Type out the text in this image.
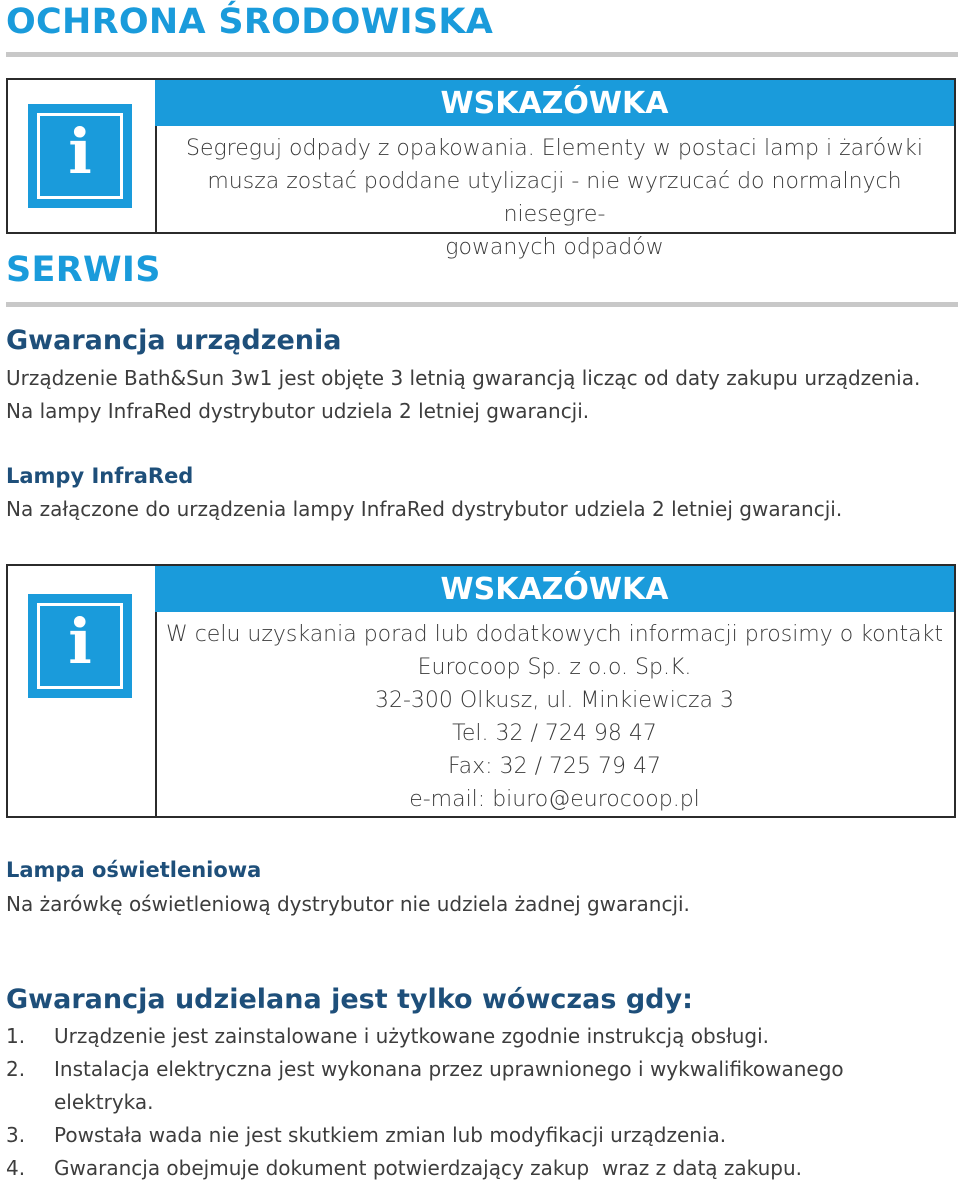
OCHRONA ŚRODOWISKA
i
WSKAZÓWKA
Segreguj odpady z opakowania. Elementy w postaci lamp i żarówki
musza zostać poddane utylizacji - nie wyrzucać do normalnych niesegre-
gowanych odpadów
SERWIS
Gwarancja urządzenia
Urządzenie Bath&Sun 3w1 jest objęte 3 letnią gwarancją licząc od daty zakupu urządzenia.
Na lampy InfraRed dystrybutor udziela 2 letniej gwarancji.
Lampy InfraRed
Na załączone do urządzenia lampy InfraRed dystrybutor udziela 2 letniej gwarancji.
i
WSKAZÓWKA
W celu uzyskania porad lub dodatkowych informacji prosimy o kontakt
Eurocoop Sp. z o.o. Sp.K.
32-300 Olkusz, ul. Minkiewicza 3
Tel. 32 / 724 98 47
Fax: 32 / 725 79 47
e-mail: biuro@eurocoop.pl
Lampa oświetleniowa
Na żarówkę oświetleniową dystrybutor nie udziela żadnej gwarancji.
Gwarancja udzielana jest tylko wówczas gdy:
1. Urządzenie jest zainstalowane i użytkowane zgodnie instrukcją obsługi.
2. Instalacja elektryczna jest wykonana przez uprawnionego i wykwalifikowanego
elektryka.
3. Powstała wada nie jest skutkiem zmian lub modyfikacji urządzenia.
4. Gwarancja obejmuje dokument potwierdzający zakup  wraz z datą zakupu.
